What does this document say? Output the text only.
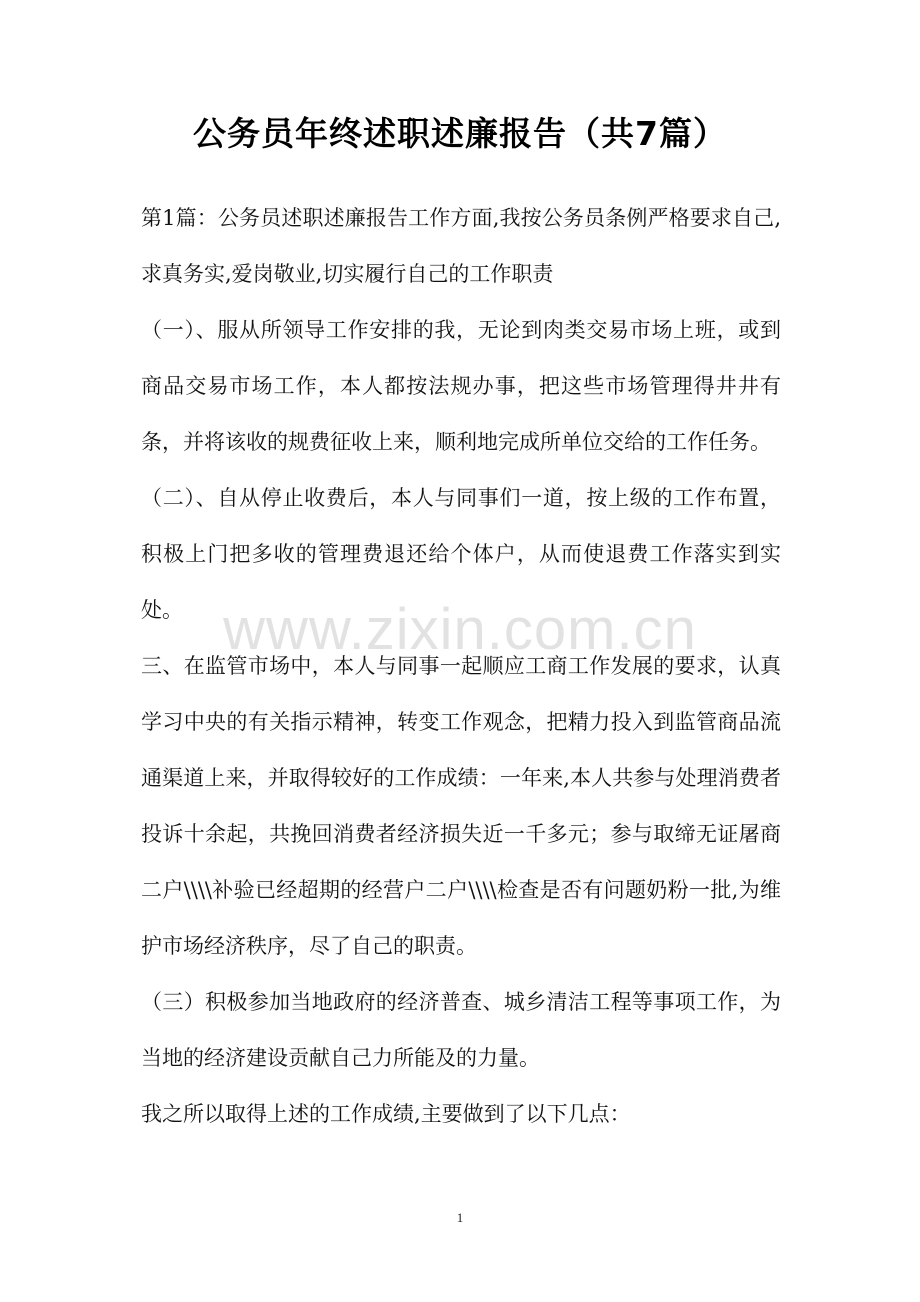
公务员年终述职述廉报告（共7篇）

第1篇：公务员述职述廉报告工作方面,我按公务员条例严格要求自己,求真务实,爱岗敬业,切实履行自己的工作职责

（一）、服从所领导工作安排的我，无论到肉类交易市场上班，或到商品交易市场工作，本人都按法规办事，把这些市场管理得井井有条，并将该收的规费征收上来，顺利地完成所单位交给的工作任务。

（二）、自从停止收费后，本人与同事们一道，按上级的工作布置，积极上门把多收的管理费退还给个体户，从而使退费工作落实到实处。

三、在监管市场中，本人与同事一起顺应工商工作发展的要求，认真学习中央的有关指示精神，转变工作观念，把精力投入到监管商品流通渠道上来，并取得较好的工作成绩：一年来,本人共参与处理消费者投诉十余起，共挽回消费者经济损失近一千多元；参与取缔无证屠商二户\\\\补验已经超期的经营户二户\\\\检查是否有问题奶粉一批,为维护市场经济秩序，尽了自己的职责。

（三）积极参加当地政府的经济普查、城乡清洁工程等事项工作，为当地的经济建设贡献自己力所能及的力量。

我之所以取得上述的工作成绩,主要做到了以下几点：

www.zixin.com.cn
1
